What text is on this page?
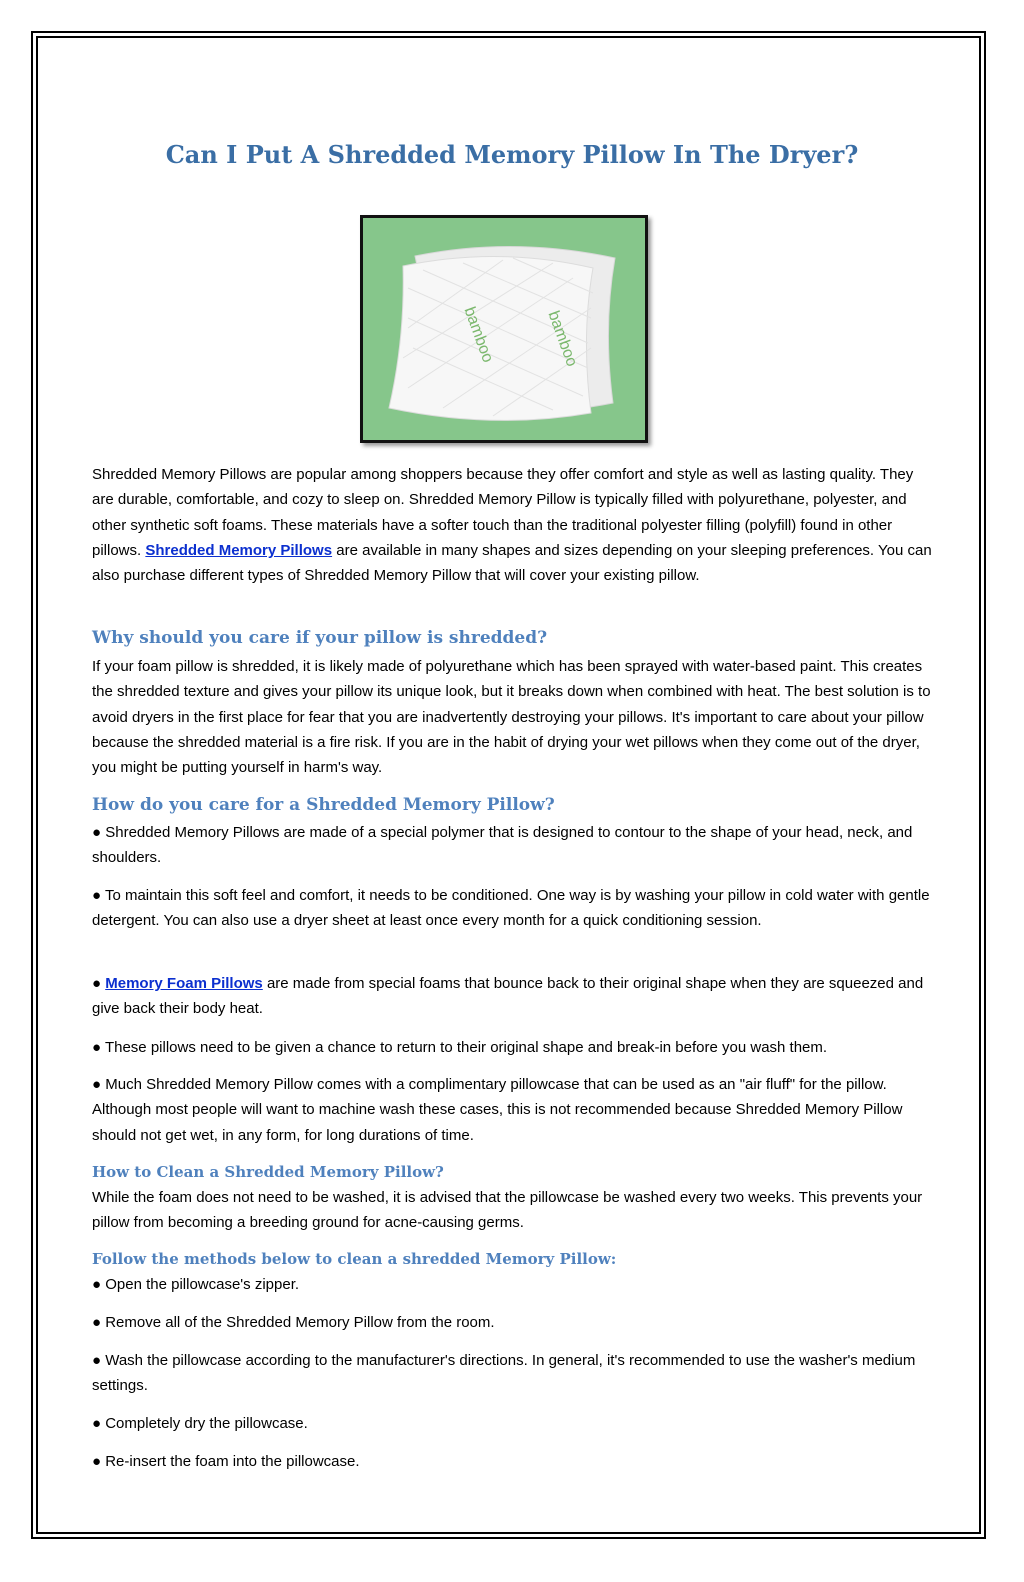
Can I Put A Shredded Memory Pillow In The Dryer?
bamboo	bamboo

Shredded Memory Pillows are popular among shoppers because they offer comfort and style as well as lasting quality. They are durable, comfortable, and cozy to sleep on. Shredded Memory Pillow is typically filled with polyurethane, polyester, and other synthetic soft foams. These materials have a softer touch than the traditional polyester filling (polyfill) found in other pillows. Shredded Memory Pillows are available in many shapes and sizes depending on your sleeping preferences. You can also purchase different types of Shredded Memory Pillow that will cover your existing pillow.

Why should you care if your pillow is shredded?

If your foam pillow is shredded, it is likely made of polyurethane which has been sprayed with water-based paint. This creates the shredded texture and gives your pillow its unique look, but it breaks down when combined with heat. The best solution is to avoid dryers in the first place for fear that you are inadvertently destroying your pillows. It's important to care about your pillow because the shredded material is a fire risk. If you are in the habit of drying your wet pillows when they come out of the dryer, you might be putting yourself in harm's way.

How do you care for a Shredded Memory Pillow?

● Shredded Memory Pillows are made of a special polymer that is designed to contour to the shape of your head, neck, and shoulders.

● To maintain this soft feel and comfort, it needs to be conditioned. One way is by washing your pillow in cold water with gentle detergent. You can also use a dryer sheet at least once every month for a quick conditioning session.

● Memory Foam Pillows are made from special foams that bounce back to their original shape when they are squeezed and give back their body heat.

● These pillows need to be given a chance to return to their original shape and break-in before you wash them.

● Much Shredded Memory Pillow comes with a complimentary pillowcase that can be used as an "air fluff" for the pillow. Although most people will want to machine wash these cases, this is not recommended because Shredded Memory Pillow should not get wet, in any form, for long durations of time.

How to Clean a Shredded Memory Pillow?

While the foam does not need to be washed, it is advised that the pillowcase be washed every two weeks. This prevents your pillow from becoming a breeding ground for acne-causing germs.

Follow the methods below to clean a shredded Memory Pillow:

● Open the pillowcase's zipper.

● Remove all of the Shredded Memory Pillow from the room.

● Wash the pillowcase according to the manufacturer's directions. In general, it's recommended to use the washer's medium settings.

● Completely dry the pillowcase.

● Re-insert the foam into the pillowcase.
